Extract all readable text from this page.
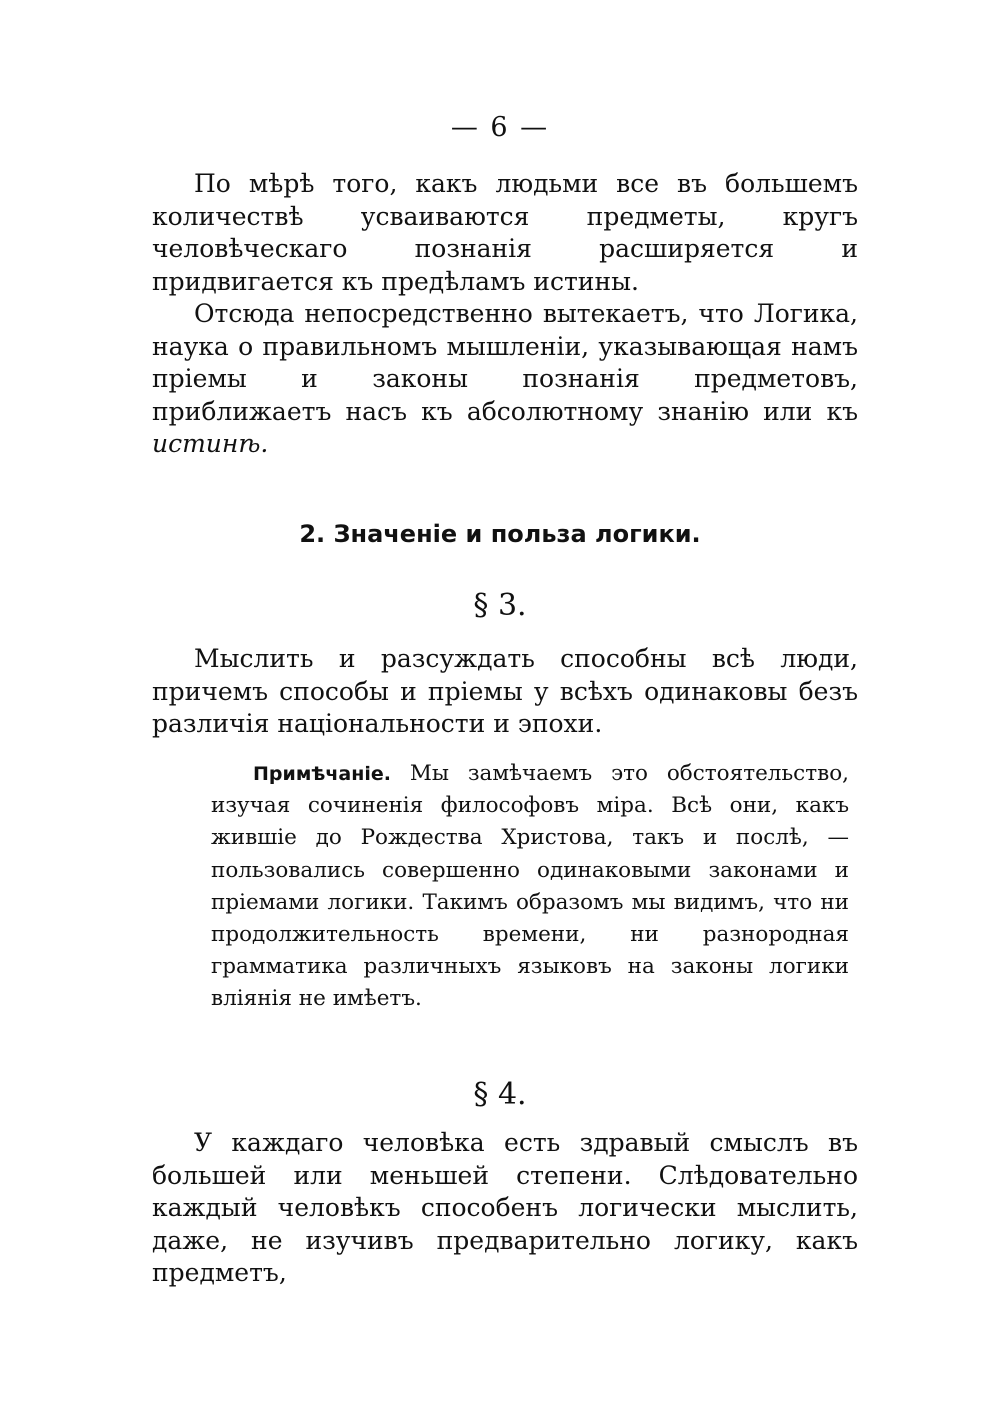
— 6 —

По мѣрѣ того, какъ людьми все въ большемъ количествѣ усваиваются предметы, кругъ человѣческаго познанія расширяется и придвигается къ предѣламъ истины.

Отсюда непосредственно вытекаетъ, что Логика, наука о правильномъ мышленіи, указывающая намъ пріемы и законы познанія предметовъ, приближаетъ насъ къ абсолютному знанію или къ истинѣ.

2. Значеніе и польза логики.
§ 3.

Мыслить и разсуждать способны всѣ люди, причемъ способы и пріемы у всѣхъ одинаковы безъ различія національности и эпохи.

Примѣчаніе. Мы замѣчаемъ это обстоятельство, изучая сочиненія философовъ міра. Всѣ они, какъ жившіе до Рождества Христова, такъ и послѣ, — пользовались совершенно одинаковыми законами и пріемами логики. Такимъ образомъ мы видимъ, что ни продолжительность времени, ни разнородная грамматика различныхъ языковъ на законы логики вліянія не имѣетъ.

§ 4.

У каждаго человѣка есть здравый смыслъ въ большей или меньшей степени. Слѣдовательно каждый человѣкъ способенъ логически мыслить, даже, не изучивъ предварительно логику, какъ предметъ,
